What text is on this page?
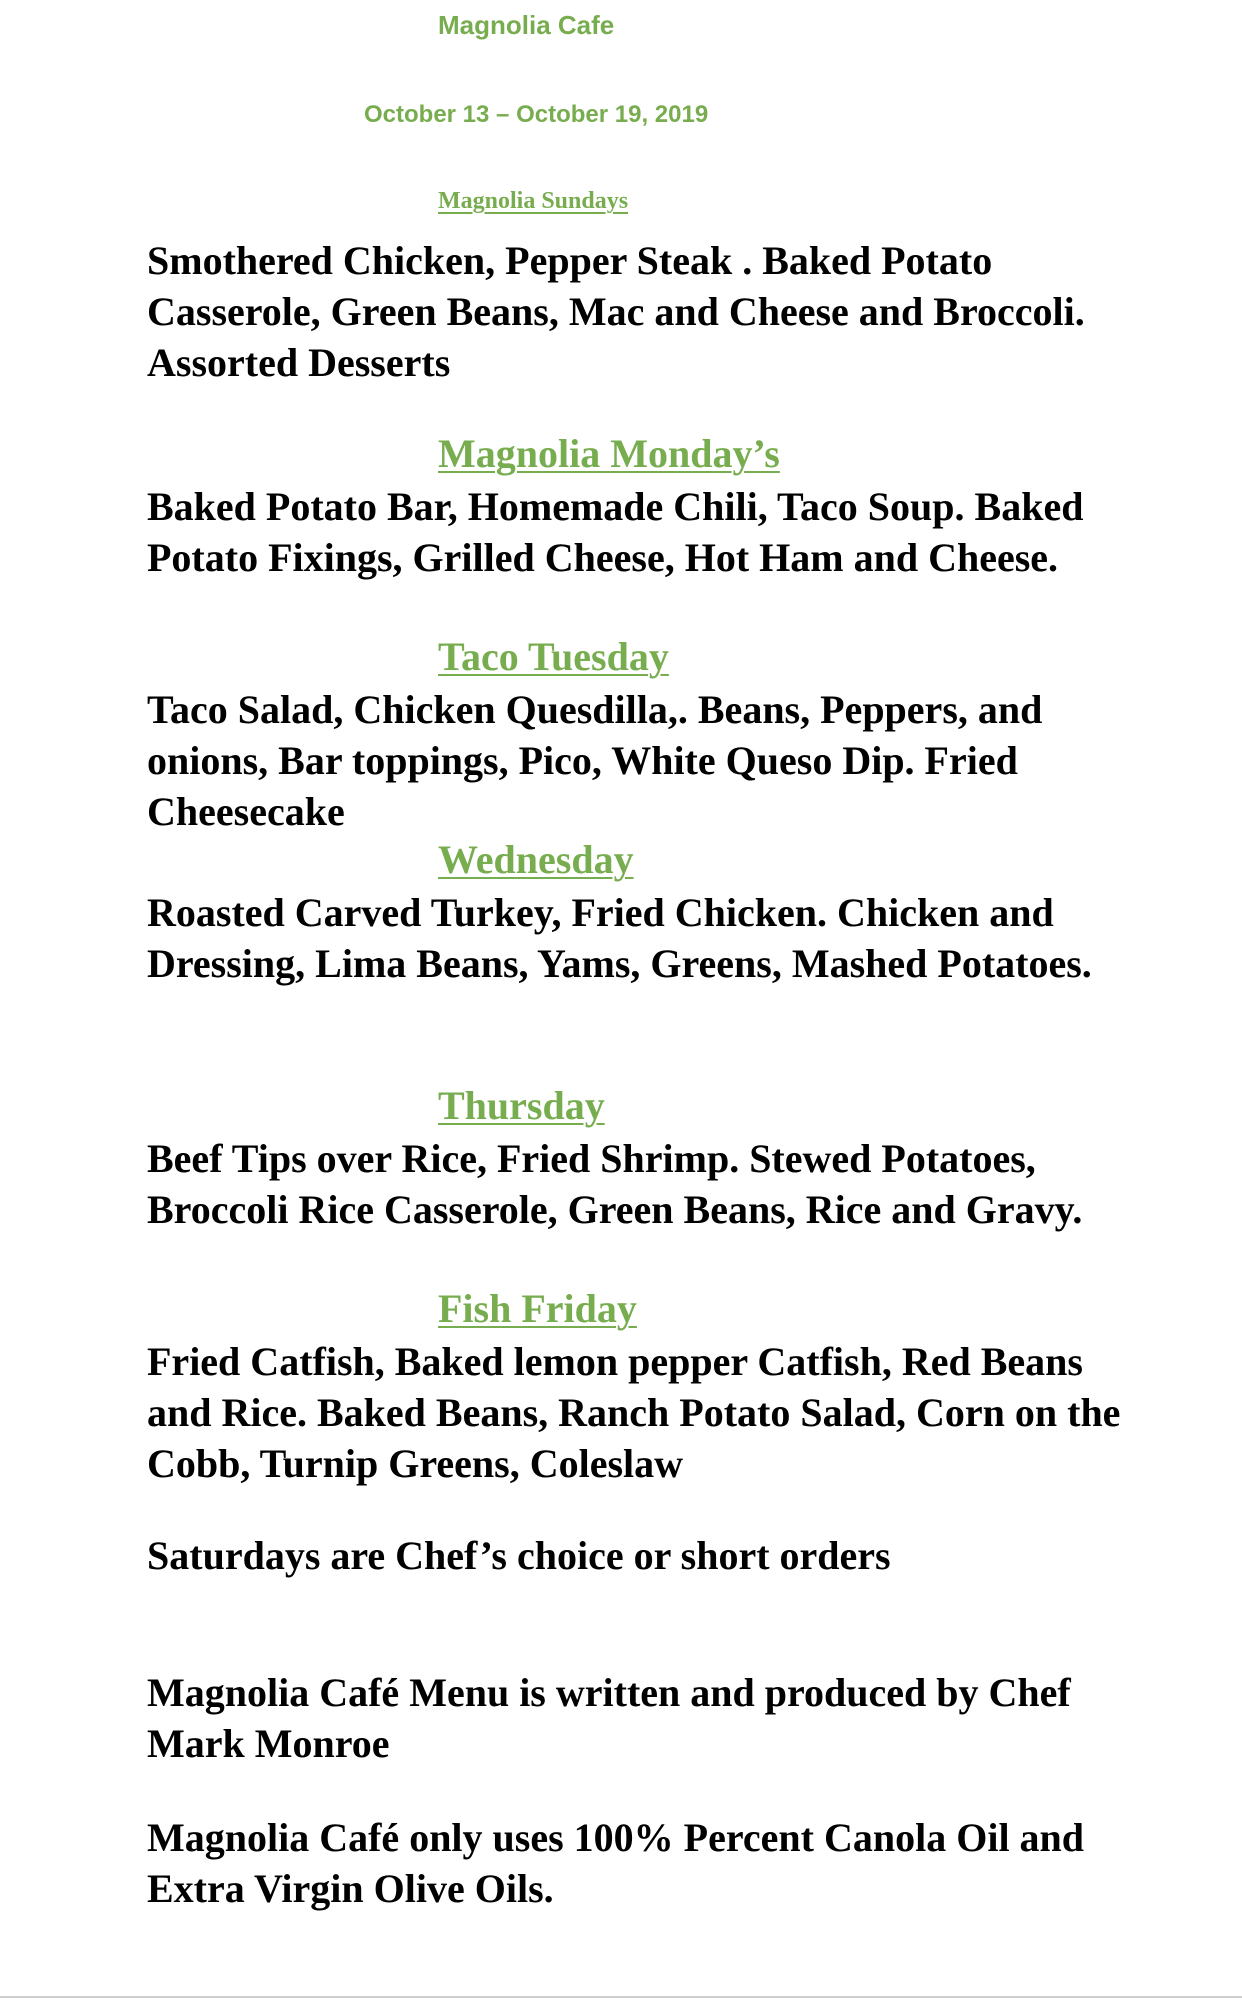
Magnolia Cafe
October 13 – October 19, 2019
Magnolia Sundays

Smothered Chicken, Pepper Steak . Baked Potato Casserole, Green Beans, Mac and Cheese and Broccoli. Assorted Desserts

Magnolia Monday’s

Baked Potato Bar, Homemade Chili, Taco Soup. Baked Potato Fixings, Grilled Cheese, Hot Ham and Cheese.

Taco Tuesday

Taco Salad, Chicken Quesdilla,. Beans, Peppers, and onions, Bar toppings, Pico, White Queso Dip. Fried Cheesecake

Wednesday

Roasted Carved Turkey, Fried Chicken. Chicken and Dressing, Lima Beans, Yams, Greens, Mashed Potatoes.

Thursday

Beef Tips over Rice, Fried Shrimp. Stewed Potatoes, Broccoli Rice Casserole, Green Beans, Rice and Gravy.

Fish Friday

Fried Catfish, Baked lemon pepper Catfish, Red Beans and Rice. Baked Beans, Ranch Potato Salad, Corn on the Cobb, Turnip Greens, Coleslaw

Saturdays are Chef’s choice or short orders

Magnolia Café Menu is written and produced by Chef Mark Monroe

Magnolia Café only uses 100% Percent Canola Oil and Extra Virgin Olive Oils.
